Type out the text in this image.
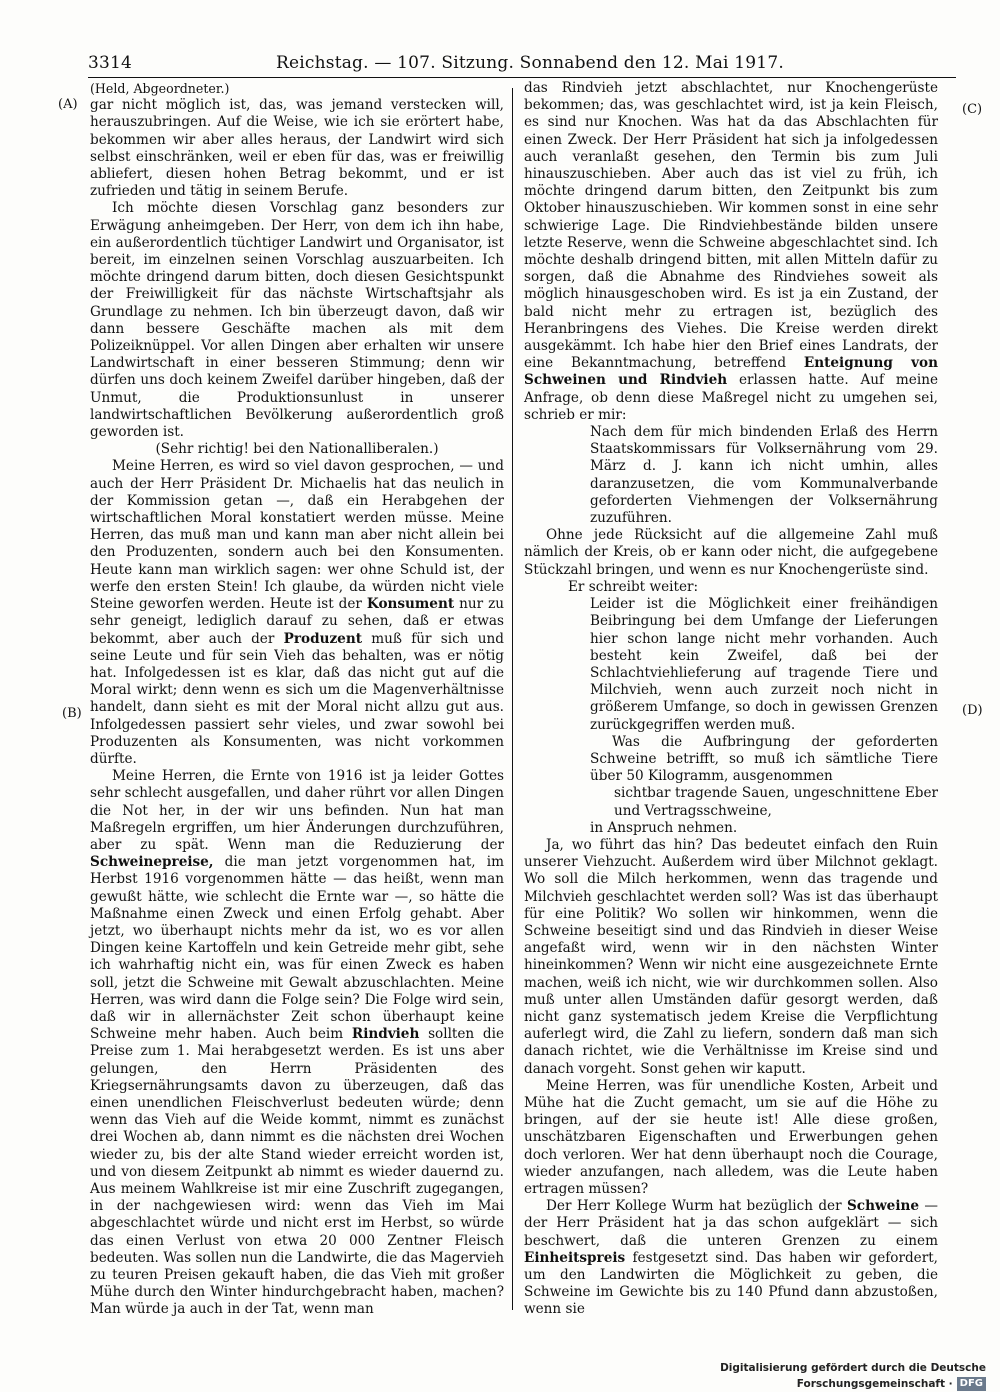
3314	Reichstag. — 107. Sitzung. Sonnabend den 12. Mai 1917.
(A)
(B)
(C)
(D)

(Held, Abgeordneter.)

gar nicht möglich ist, das, was jemand verstecken will, herauszubringen. Auf die Weise, wie ich sie erörtert habe, bekommen wir aber alles heraus, der Landwirt wird sich selbst einschränken, weil er eben für das, was er freiwillig abliefert, diesen hohen Betrag bekommt, und er ist zufrieden und tätig in seinem Berufe.

Ich möchte diesen Vorschlag ganz besonders zur Erwägung anheimgeben. Der Herr, von dem ich ihn habe, ein außerordentlich tüchtiger Landwirt und Organisator, ist bereit, im einzelnen seinen Vorschlag auszuarbeiten. Ich möchte dringend darum bitten, doch diesen Gesichtspunkt der Freiwilligkeit für das nächste Wirtschaftsjahr als Grundlage zu nehmen. Ich bin überzeugt davon, daß wir dann bessere Geschäfte machen als mit dem Polizeiknüppel. Vor allen Dingen aber erhalten wir unsere Landwirtschaft in einer besseren Stimmung; denn wir dürfen uns doch keinem Zweifel darüber hingeben, daß der Unmut, die Produktionsunlust in unserer landwirtschaftlichen Bevölkerung außerordentlich groß geworden ist.

(Sehr richtig! bei den Nationalliberalen.)

Meine Herren, es wird so viel davon gesprochen, — und auch der Herr Präsident Dr. Michaelis hat das neulich in der Kommission getan —, daß ein Herabgehen der wirtschaftlichen Moral konstatiert werden müsse. Meine Herren, das muß man und kann man aber nicht allein bei den Produzenten, sondern auch bei den Konsumenten. Heute kann man wirklich sagen: wer ohne Schuld ist, der werfe den ersten Stein! Ich glaube, da würden nicht viele Steine geworfen werden. Heute ist der Konsument nur zu sehr geneigt, lediglich darauf zu sehen, daß er etwas bekommt, aber auch der Produzent muß für sich und seine Leute und für sein Vieh das behalten, was er nötig hat. Infolgedessen ist es klar, daß das nicht gut auf die Moral wirkt; denn wenn es sich um die Magenverhältnisse handelt, dann sieht es mit der Moral nicht allzu gut aus. Infolgedessen passiert sehr vieles, und zwar sowohl bei Produzenten als Konsumenten, was nicht vorkommen dürfte.

Meine Herren, die Ernte von 1916 ist ja leider Gottes sehr schlecht ausgefallen, und daher rührt vor allen Dingen die Not her, in der wir uns befinden. Nun hat man Maßregeln ergriffen, um hier Änderungen durchzuführen, aber zu spät. Wenn man die Reduzierung der Schweinepreise, die man jetzt vorgenommen hat, im Herbst 1916 vorgenommen hätte — das heißt, wenn man gewußt hätte, wie schlecht die Ernte war —, so hätte die Maßnahme einen Zweck und einen Erfolg gehabt. Aber jetzt, wo überhaupt nichts mehr da ist, wo es vor allen Dingen keine Kartoffeln und kein Getreide mehr gibt, sehe ich wahrhaftig nicht ein, was für einen Zweck es haben soll, jetzt die Schweine mit Gewalt abzuschlachten. Meine Herren, was wird dann die Folge sein? Die Folge wird sein, daß wir in allernächster Zeit schon überhaupt keine Schweine mehr haben. Auch beim Rindvieh sollten die Preise zum 1. Mai herabgesetzt werden. Es ist uns aber gelungen, den Herrn Präsidenten des Kriegsernährungsamts davon zu überzeugen, daß das einen unendlichen Fleischverlust bedeuten würde; denn wenn das Vieh auf die Weide kommt, nimmt es zunächst drei Wochen ab, dann nimmt es die nächsten drei Wochen wieder zu, bis der alte Stand wieder erreicht worden ist, und von diesem Zeitpunkt ab nimmt es wieder dauernd zu. Aus meinem Wahlkreise ist mir eine Zuschrift zugegangen, in der nachgewiesen wird: wenn das Vieh im Mai abgeschlachtet würde und nicht erst im Herbst, so würde das einen Verlust von etwa 20 000 Zentner Fleisch bedeuten. Was sollen nun die Landwirte, die das Magervieh zu teuren Preisen gekauft haben, die das Vieh mit großer Mühe durch den Winter hindurchgebracht haben, machen? Man würde ja auch in der Tat, wenn man

das Rindvieh jetzt abschlachtet, nur Knochengerüste bekommen; das, was geschlachtet wird, ist ja kein Fleisch, es sind nur Knochen. Was hat da das Abschlachten für einen Zweck. Der Herr Präsident hat sich ja infolgedessen auch veranlaßt gesehen, den Termin bis zum Juli hinauszuschieben. Aber auch das ist viel zu früh, ich möchte dringend darum bitten, den Zeitpunkt bis zum Oktober hinauszuschieben. Wir kommen sonst in eine sehr schwierige Lage. Die Rindviehbestände bilden unsere letzte Reserve, wenn die Schweine abgeschlachtet sind. Ich möchte deshalb dringend bitten, mit allen Mitteln dafür zu sorgen, daß die Abnahme des Rindviehes soweit als möglich hinausgeschoben wird. Es ist ja ein Zustand, der bald nicht mehr zu ertragen ist, bezüglich des Heranbringens des Viehes. Die Kreise werden direkt ausgekämmt. Ich habe hier den Brief eines Landrats, der eine Bekanntmachung, betreffend Enteignung von Schweinen und Rindvieh erlassen hatte. Auf meine Anfrage, ob denn diese Maßregel nicht zu umgehen sei, schrieb er mir:

Nach dem für mich bindenden Erlaß des Herrn Staatskommissars für Volksernährung vom 29. März d. J. kann ich nicht umhin, alles daranzusetzen, die vom Kommunalverbande geforderten Viehmengen der Volksernährung zuzuführen.

Ohne jede Rücksicht auf die allgemeine Zahl muß nämlich der Kreis, ob er kann oder nicht, die aufgegebene Stückzahl bringen, und wenn es nur Knochengerüste sind.

Er schreibt weiter:

Leider ist die Möglichkeit einer freihändigen Beibringung bei dem Umfange der Lieferungen hier schon lange nicht mehr vorhanden. Auch besteht kein Zweifel, daß bei der Schlachtviehlieferung auf tragende Tiere und Milchvieh, wenn auch zurzeit noch nicht in größerem Umfange, so doch in gewissen Grenzen zurückgegriffen werden muß.

Was die Aufbringung der geforderten Schweine betrifft, so muß ich sämtliche Tiere über 50 Kilogramm, ausgenommen

sichtbar tragende Sauen, ungeschnittene Eber und Vertragsschweine,

in Anspruch nehmen.

Ja, wo führt das hin? Das bedeutet einfach den Ruin unserer Viehzucht. Außerdem wird über Milchnot geklagt. Wo soll die Milch herkommen, wenn das tragende und Milchvieh geschlachtet werden soll? Was ist das überhaupt für eine Politik? Wo sollen wir hinkommen, wenn die Schweine beseitigt sind und das Rindvieh in dieser Weise angefaßt wird, wenn wir in den nächsten Winter hineinkommen? Wenn wir nicht eine ausgezeichnete Ernte machen, weiß ich nicht, wie wir durchkommen sollen. Also muß unter allen Umständen dafür gesorgt werden, daß nicht ganz systematisch jedem Kreise die Verpflichtung auferlegt wird, die Zahl zu liefern, sondern daß man sich danach richtet, wie die Verhältnisse im Kreise sind und danach vorgeht. Sonst gehen wir kaputt.

Meine Herren, was für unendliche Kosten, Arbeit und Mühe hat die Zucht gemacht, um sie auf die Höhe zu bringen, auf der sie heute ist! Alle diese großen, unschätzbaren Eigenschaften und Erwerbungen gehen doch verloren. Wer hat denn überhaupt noch die Courage, wieder anzufangen, nach alledem, was die Leute haben ertragen müssen?

Der Herr Kollege Wurm hat bezüglich der Schweine — der Herr Präsident hat ja das schon aufgeklärt — sich beschwert, daß die unteren Grenzen zu einem Einheitspreis festgesetzt sind. Das haben wir gefordert, um den Landwirten die Möglichkeit zu geben, die Schweine im Gewichte bis zu 140 Pfund dann abzustoßen, wenn sie

Digitalisierung gefördert durch die Deutsche Forschungsgemeinschaft · DFG
